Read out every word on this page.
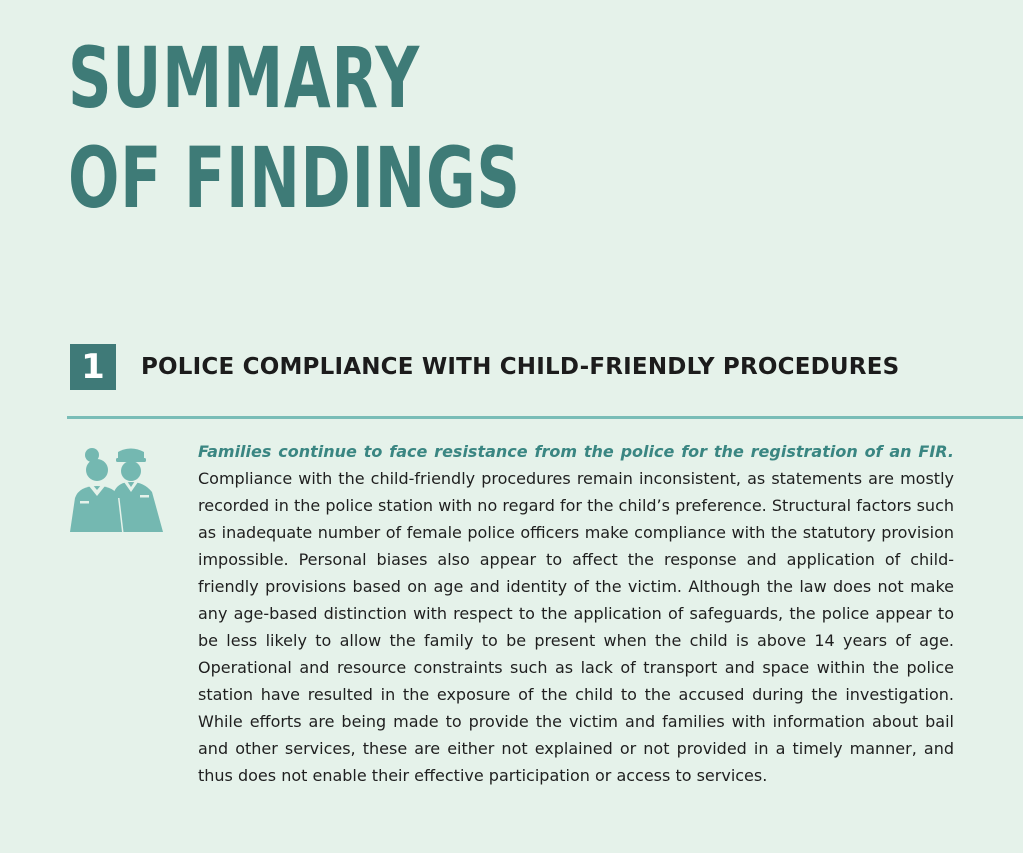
SUMMARY
OF FINDINGS
1	POLICE COMPLIANCE WITH CHILD-FRIENDLY PROCEDURES

Families continue to face resistance from the police for the registration of an FIR. Compliance with the child-friendly procedures remain inconsistent, as statements are mostly recorded in the police station with no regard for the child’s preference. Structural factors such as inadequate number of female police officers make compliance with the statutory provision impossible. Personal biases also appear to affect the response and application of child-friendly provisions based on age and identity of the victim. Although the law does not make any age-based distinction with respect to the application of safeguards, the police appear to be less likely to allow the family to be present when the child is above 14 years of age. Operational and resource constraints such as lack of transport and space within the police station have resulted in the exposure of the child to the accused during the investigation. While efforts are being made to provide the victim and families with information about bail and other services, these are either not explained or not provided in a timely manner, and thus does not enable their effective participation or access to services.
